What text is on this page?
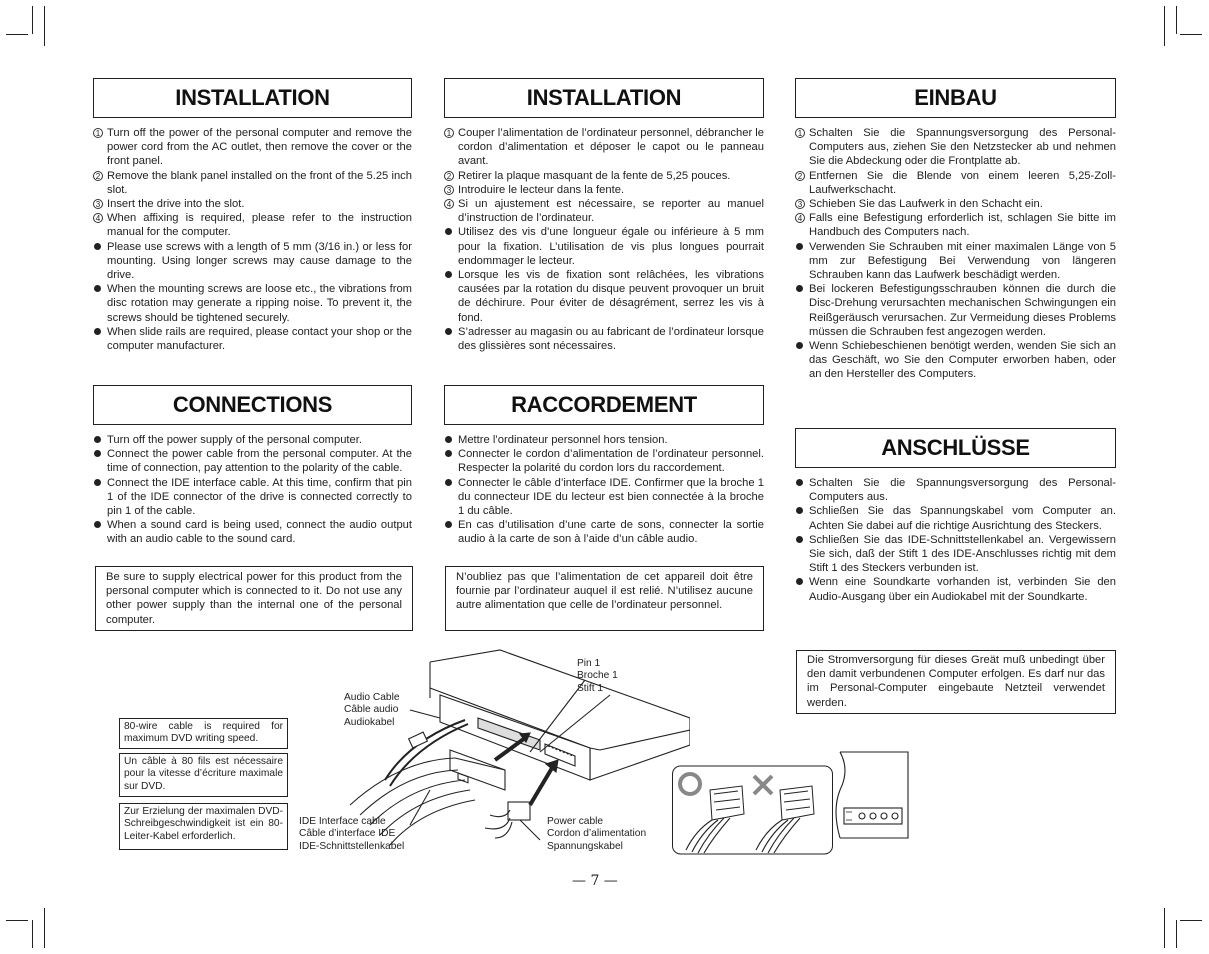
INSTALLATION
1 Turn off the power of the personal computer and remove the power cord from the AC outlet, then remove the cover or the front panel.
2 Remove the blank panel installed on the front of the 5.25 inch slot.
3 Insert the drive into the slot.
4 When affixing is required, please refer to the instruction manual for the computer.
Please use screws with a length of 5 mm (3/16 in.) or less for mounting. Using longer screws may cause damage to the drive.
When the mounting screws are loose etc., the vibrations from disc rotation may generate a ripping noise. To prevent it, the screws should be tightened securely.
When slide rails are required, please contact your shop or the computer manufacturer.
CONNECTIONS
Turn off the power supply of the personal computer.
Connect the power cable from the personal computer. At the time of connection, pay attention to the polarity of the cable.
Connect the IDE interface cable. At this time, confirm that pin 1 of the IDE connector of the drive is connected correctly to pin 1 of the cable.
When a sound card is being used, connect the audio output with an audio cable to the sound card.
Be sure to supply electrical power for this product from the personal computer which is connected to it. Do not use any other power supply than the internal one of the personal computer.
INSTALLATION
1 Couper l’alimentation de l’ordinateur personnel, débrancher le cordon d’alimentation et déposer le capot ou le panneau avant.
2 Retirer la plaque masquant de la fente de 5,25 pouces.
3 Introduire le lecteur dans la fente.
4 Si un ajustement est nécessaire, se reporter au manuel d’instruction de l’ordinateur.
Utilisez des vis d’une longueur égale ou inférieure à 5 mm pour la fixation. L’utilisation de vis plus longues pourrait endommager le lecteur.
Lorsque les vis de fixation sont relâchées, les vibrations causées par la rotation du disque peuvent provoquer un bruit de déchirure. Pour éviter de désagrément, serrez les vis à fond.
S’adresser au magasin ou au fabricant de l’ordinateur lorsque des glissières sont nécessaires.
RACCORDEMENT
Mettre l’ordinateur personnel hors tension.
Connecter le cordon d’alimentation de l’ordinateur personnel. Respecter la polarité du cordon lors du raccordement.
Connecter le câble d’interface IDE. Confirmer que la broche 1 du connecteur IDE du lecteur est bien connectée à la broche 1 du câble.
En cas d’utilisation d’une carte de sons, connecter la sortie audio à la carte de son à l’aide d’un câble audio.
N’oubliez pas que l’alimentation de cet appareil doit être fournie par l’ordinateur auquel il est relié. N’utilisez aucune autre alimentation que celle de l’ordinateur personnel.
EINBAU
1 Schalten Sie die Spannungsversorgung des Personal-Computers aus, ziehen Sie den Netzstecker ab und nehmen Sie die Abdeckung oder die Frontplatte ab.
2 Entfernen Sie die Blende von einem leeren 5,25-Zoll-Laufwerkschacht.
3 Schieben Sie das Laufwerk in den Schacht ein.
4 Falls eine Befestigung erforderlich ist, schlagen Sie bitte im Handbuch des Computers nach.
Verwenden Sie Schrauben mit einer maximalen Länge von 5 mm zur Befestigung Bei Verwendung von längeren Schrauben kann das Laufwerk beschädigt werden.
Bei lockeren Befestigungsschrauben können die durch die Disc-Drehung verursachten mechanischen Schwingungen ein Reißgeräusch verursachen. Zur Vermeidung dieses Problems müssen die Schrauben fest angezogen werden.
Wenn Schiebeschienen benötigt werden, wenden Sie sich an das Geschäft, wo Sie den Computer erworben haben, oder an den Hersteller des Computers.
ANSCHLÜSSE
Schalten Sie die Spannungsversorgung des Personal-Computers aus.
Schließen Sie das Spannungskabel vom Computer an. Achten Sie dabei auf die richtige Ausrichtung des Steckers.
Schließen Sie das IDE-Schnittstellenkabel an. Vergewissern Sie sich, daß der Stift 1 des IDE-Anschlusses richtig mit dem Stift 1 des Steckers verbunden ist.
Wenn eine Soundkarte vorhanden ist, verbinden Sie den Audio-Ausgang über ein Audiokabel mit der Soundkarte.
Die Stromversorgung für dieses Greät muß unbedingt über den damit verbundenen Computer erfolgen. Es darf nur das im Personal-Computer eingebaute Netzteil verwendet werden.
80-wire cable is required for maximum DVD writing speed.
Un câble à 80 fils est nécessaire pour la vitesse d’écriture maximale sur DVD.
Zur Erzielung der maximalen DVD-Schreibgeschwindigkeit ist ein 80-Leiter-Kabel erforderlich.
Audio Cable
Câble audio
Audiokabel
Pin 1
Broche 1
Stift 1
IDE Interface cable
Câble d’interface IDE
IDE-Schnittstellenkabel
Power cable
Cordon d’alimentation
Spannungskabel
— 7 —
